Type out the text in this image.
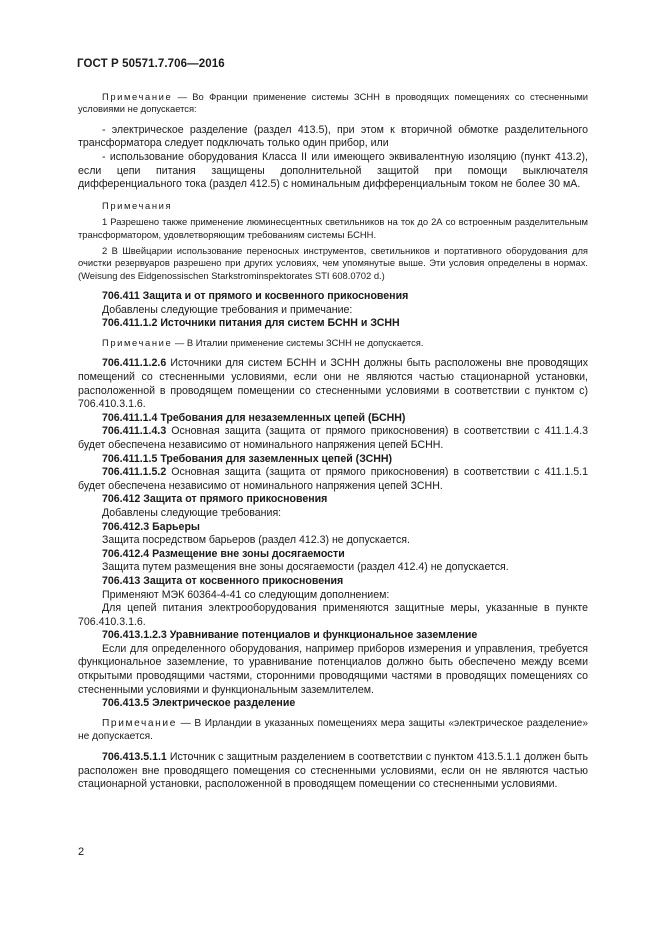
ГОСТ Р 50571.7.706—2016

Примечание — Во Франции применение системы ЗСНН в проводящих помещениях со стесненными условиями не допускается:

- электрическое разделение (раздел 413.5), при этом к вторичной обмотке разделительного трансформатора следует подключать только один прибор, или

- использование оборудования Класса II или имеющего эквивалентную изоляцию (пункт 413.2), если цепи питания защищены дополнительной защитой при помощи выключателя дифференциального тока (раздел 412.5) с номинальным дифференциальным током не более 30 мА.

Примечания

1 Разрешено также применение люминесцентных светильников на ток до 2А со встроенным разделительным трансформатором, удовлетворяющим требованиям системы БСНН.

2 В Швейцарии использование переносных инструментов, светильников и портативного оборудования для очистки резервуаров разрешено при других условиях, чем упомянутые выше. Эти условия определены в нормах. (Weisung des Eidgenossischen Starkstrominspektorates STI 608.0702 d.)

706.411 Защита и от прямого и косвенного прикосновения

Добавлены следующие требования и примечание:

706.411.1.2 Источники питания для систем БСНН и ЗСНН

Примечание — В Италии применение системы ЗСНН не допускается.

706.411.1.2.6 Источники для систем БСНН и ЗСНН должны быть расположены вне проводящих помещений со стесненными условиями, если они не являются частью стационарной установки, расположенной в проводящем помещении со стесненными условиями в соответствии с пунктом с) 706.410.3.1.6.

706.411.1.4 Требования для незаземленных цепей (БСНН)

706.411.1.4.3 Основная защита (защита от прямого прикосновения) в соответствии с 411.1.4.3 будет обеспечена независимо от номинального напряжения цепей БСНН.

706.411.1.5 Требования для заземленных цепей (ЗСНН)

706.411.1.5.2 Основная защита (защита от прямого прикосновения) в соответствии с 411.1.5.1 будет обеспечена независимо от номинального напряжения цепей ЗСНН.

706.412 Защита от прямого прикосновения

Добавлены следующие требования:

706.412.3 Барьеры

Защита посредством барьеров (раздел 412.3) не допускается.

706.412.4 Размещение вне зоны досягаемости

Защита путем размещения вне зоны досягаемости (раздел 412.4) не допускается.

706.413 Защита от косвенного прикосновения

Применяют МЭК 60364-4-41 со следующим дополнением:

Для цепей питания электрооборудования применяются защитные меры, указанные в пункте 706.410.3.1.6.

706.413.1.2.3 Уравнивание потенциалов и функциональное заземление

Если для определенного оборудования, например приборов измерения и управления, требуется функциональное заземление, то уравнивание потенциалов должно быть обеспечено между всеми открытыми проводящими частями, сторонними проводящими частями в проводящих помещениях со стесненными условиями и функциональным заземлителем.

706.413.5 Электрическое разделение

Примечание — В Ирландии в указанных помещениях мера защиты «электрическое разделение» не допускается.

706.413.5.1.1 Источник с защитным разделением в соответствии с пунктом 413.5.1.1 должен быть расположен вне проводящего помещения со стесненными условиями, если он не являются частью стационарной установки, расположенной в проводящем помещении со стесненными условиями.

2
